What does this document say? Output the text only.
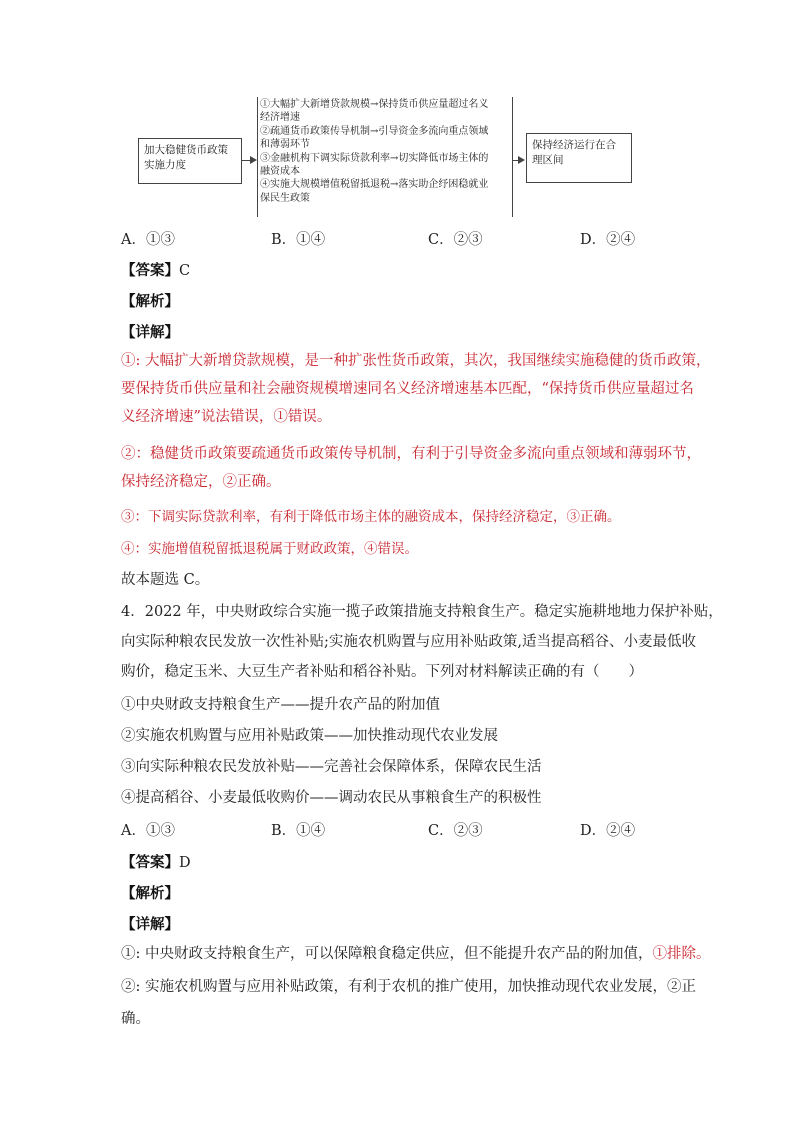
加大稳健货币政策实施力度
①大幅扩大新增贷款规模→保持货币供应量超过名义
经济增速
②疏通货币政策传导机制→引导资金多流向重点领域
和薄弱环节
③金融机构下调实际贷款利率→切实降低市场主体的
融资成本
④实施大规模增值税留抵退税→落实助企纾困稳就业
保民生政策
保持经济运行在合理区间
A．①③	B．①④	C．②③	D．②④
【答案】C
【解析】
【详解】
①: 大幅扩大新增贷款规模，是一种扩张性货币政策，其次，我国继续实施稳健的货币政策，
要保持货币供应量和社会融资规模增速同名义经济增速基本匹配，“保持货币供应量超过名
义经济增速”说法错误，①错误。
②：稳健货币政策要疏通货币政策传导机制，有利于引导资金多流向重点领域和薄弱环节，
保持经济稳定，②正确。
③：下调实际贷款利率，有利于降低市场主体的融资成本，保持经济稳定，③正确。
④：实施增值税留抵退税属于财政政策，④错误。
故本题选 C。
4．2022 年，中央财政综合实施一揽子政策措施支持粮食生产。稳定实施耕地地力保护补贴，
向实际种粮农民发放一次性补贴;实施农机购置与应用补贴政策,适当提高稻谷、小麦最低收
购价，稳定玉米、大豆生产者补贴和稻谷补贴。下列对材料解读正确的有（　　）
①中央财政支持粮食生产——提升农产品的附加值
②实施农机购置与应用补贴政策——加快推动现代农业发展
③向实际种粮农民发放补贴——完善社会保障体系，保障农民生活
④提高稻谷、小麦最低收购价——调动农民从事粮食生产的积极性
A．①③	B．①④	C．②③	D．②④
【答案】D
【解析】
【详解】
①: 中央财政支持粮食生产，可以保障粮食稳定供应，但不能提升农产品的附加值，①排除。
②: 实施农机购置与应用补贴政策，有利于农机的推广使用，加快推动现代农业发展，②正
确。
